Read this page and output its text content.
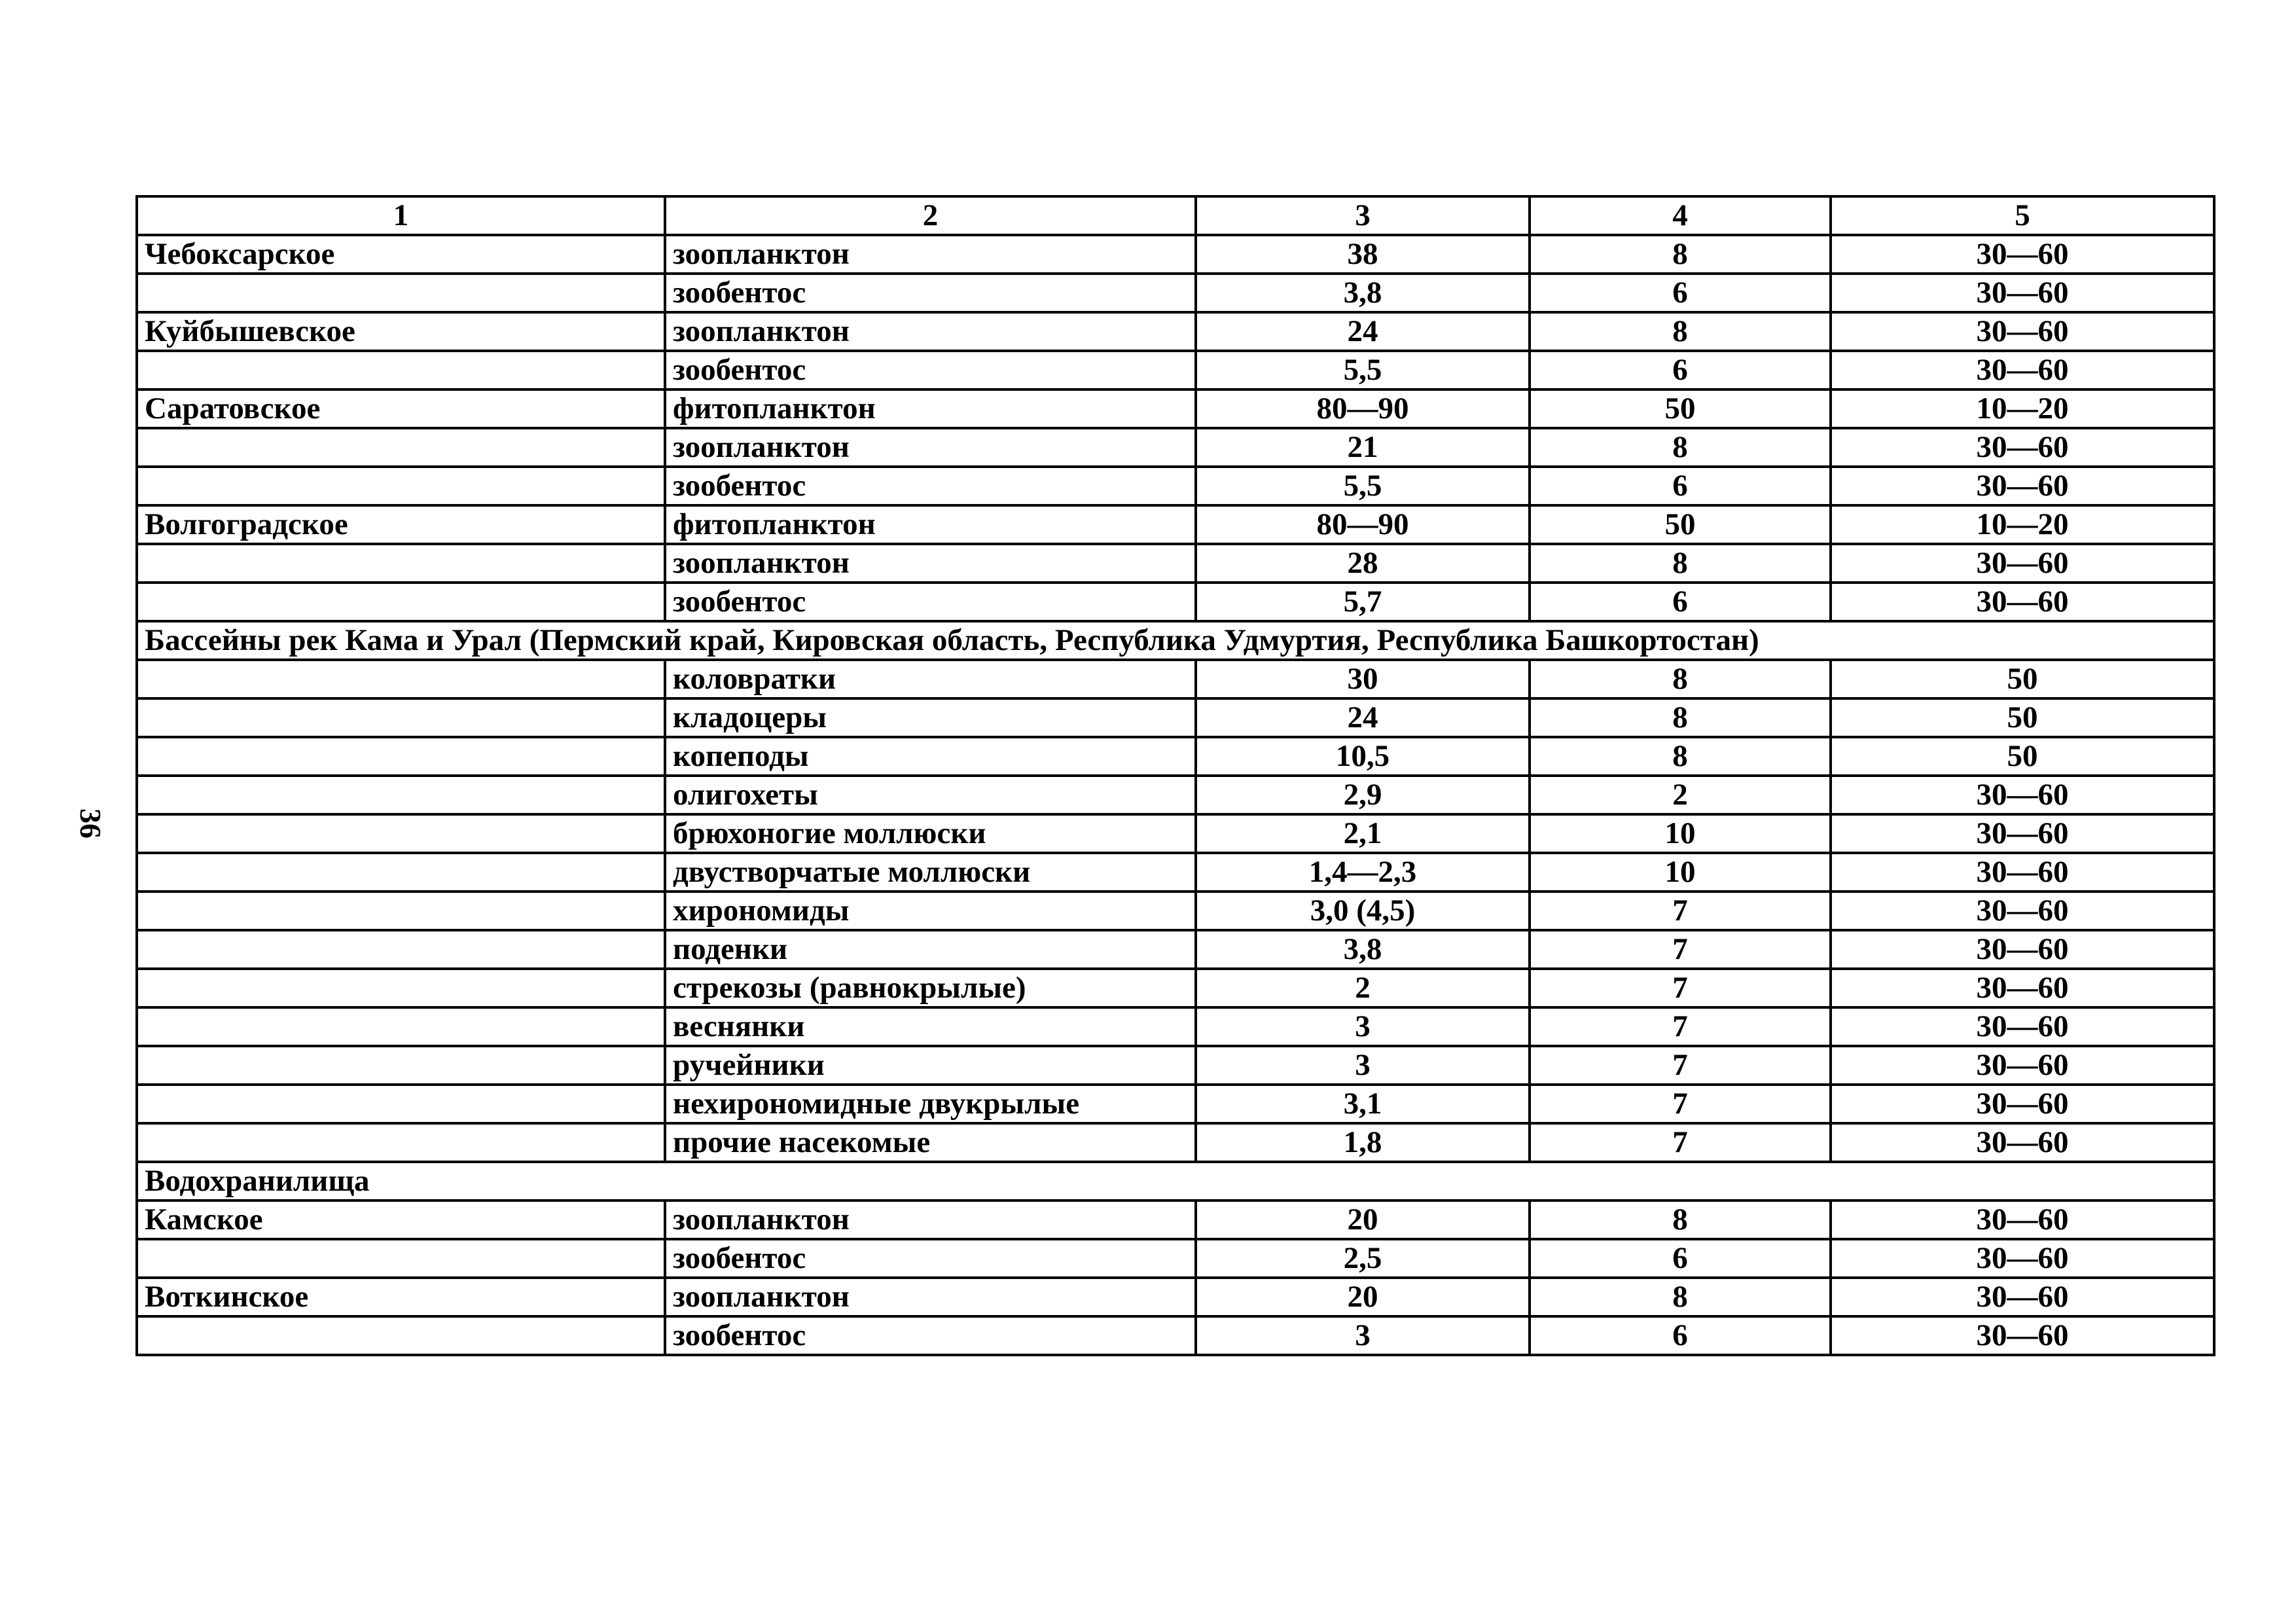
36
1	2	3	4	5
Чебоксарское	зоопланктон	38	8	30—60
	зообентос	3,8	6	30—60
Куйбышевское	зоопланктон	24	8	30—60
	зообентос	5,5	6	30—60
Саратовское	фитопланктон	80—90	50	10—20
	зоопланктон	21	8	30—60
	зообентос	5,5	6	30—60
Волгоградское	фитопланктон	80—90	50	10—20
	зоопланктон	28	8	30—60
	зообентос	5,7	6	30—60
Бассейны рек Кама и Урал (Пермский край, Кировская область, Республика Удмуртия, Республика Башкортостан)				
	коловратки	30	8	50
	кладоцеры	24	8	50
	копеподы	10,5	8	50
	олигохеты	2,9	2	30—60
	брюхоногие моллюски	2,1	10	30—60
	двустворчатые моллюски	1,4—2,3	10	30—60
	хирономиды	3,0 (4,5)	7	30—60
	поденки	3,8	7	30—60
	стрекозы (равнокрылые)	2	7	30—60
	веснянки	3	7	30—60
	ручейники	3	7	30—60
	нехирономидные двукрылые	3,1	7	30—60
	прочие насекомые	1,8	7	30—60
Водохранилища				
Камское	зоопланктон	20	8	30—60
	зообентос	2,5	6	30—60
Воткинское	зоопланктон	20	8	30—60
	зообентос	3	6	30—60
